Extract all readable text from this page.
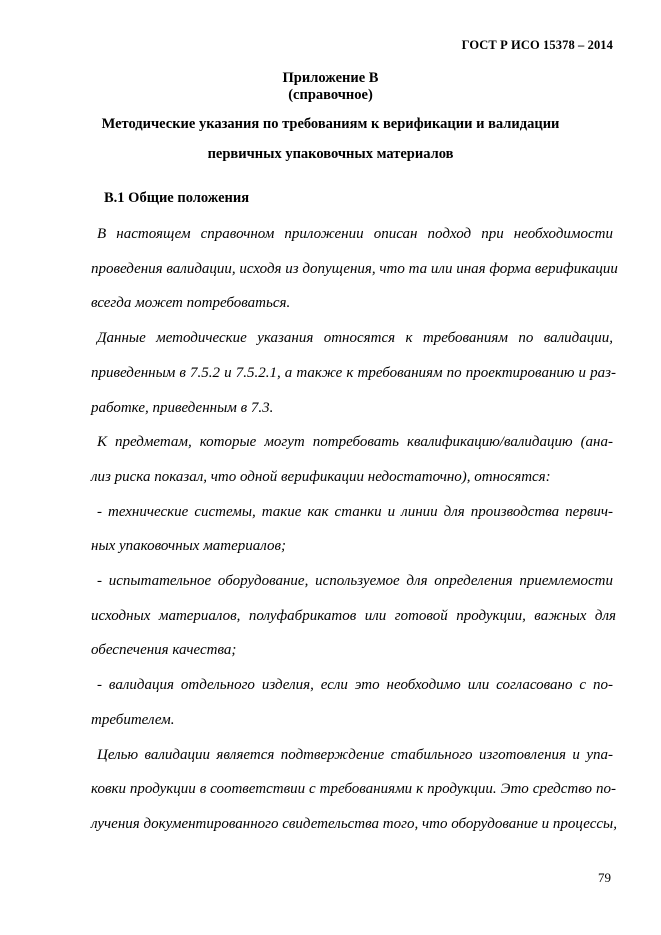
ГОСТ Р ИСО 15378 – 2014
Приложение В
(справочное)
Методические указания по требованиям к верификации и валидации
первичных упаковочных материалов
В.1 Общие положения
В настоящем справочном приложении описан подход при необходимости
проведения валидации, исходя из допущения, что та или иная форма верификации
всегда может потребоваться.
Данные методические указания относятся к требованиям по валидации,
приведенным в 7.5.2 и 7.5.2.1, а также к требованиям по проектированию и раз-
работке, приведенным в 7.3.
К предметам, которые могут потребовать квалификацию/валидацию (ана-
лиз риска показал, что одной верификации недостаточно), относятся:
- технические системы, такие как станки и линии для производства первич-
ных упаковочных материалов;
- испытательное оборудование, используемое для определения приемлемости
исходных материалов, полуфабрикатов или готовой продукции, важных для
обеспечения качества;
- валидация отдельного изделия, если это необходимо или согласовано с по-
требителем.
Целью валидации является подтверждение стабильного изготовления и упа-
ковки продукции в соответствии с требованиями к продукции. Это средство по-
лучения документированного свидетельства того, что оборудование и процессы,
79
